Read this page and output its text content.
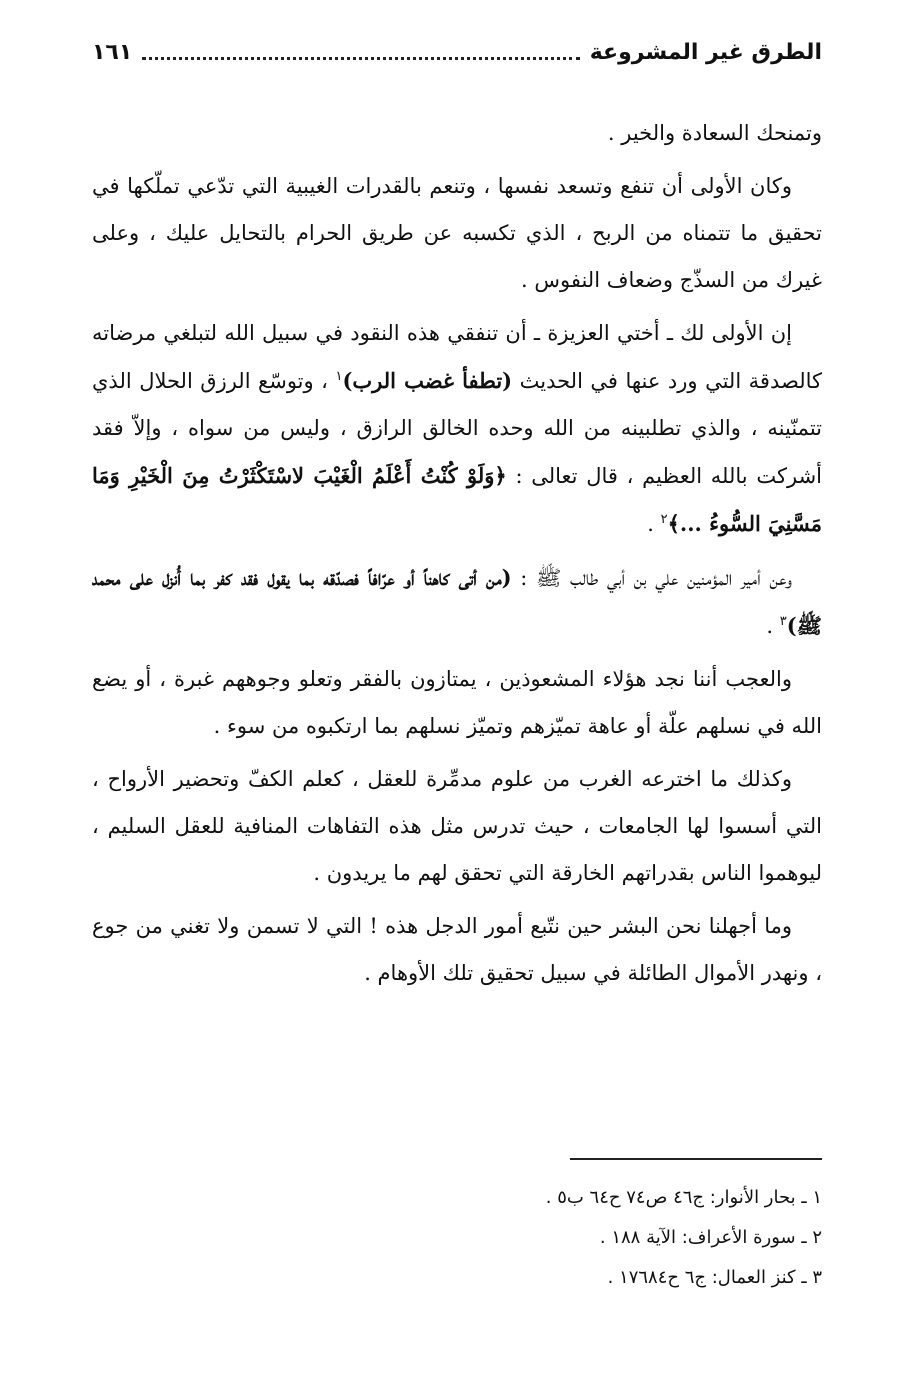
الطرق غير المشروعة
١٦١

وتمنحك السعادة والخير .

وكان الأولى أن تنفع وتسعد نفسها ، وتنعم بالقدرات الغيبية التي تدّعي تملّكها في تحقيق ما تتمناه من الربح ، الذي تكسبه عن طريق الحرام بالتحايل عليك ، وعلى غيرك من السذّج وضعاف النفوس .

إن الأولى لك ـ أختي العزيزة ـ أن تنفقي هذه النقود في سبيل الله لتبلغي مرضاته كالصدقة التي ورد عنها في الحديث (تطفأ غضب الرب)$^١$ ، وتوسّع الرزق الحلال الذي تتمنّينه ، والذي تطلبينه من الله وحده الخالق الرازق ، وليس من سواه ، وإلاّ فقد أشركت بالله العظيم ، قال تعالى : ﴿وَلَوْ كُنْتُ أَعْلَمُ الْغَيْبَ لاسْتَكْثَرْتُ مِنَ الْخَيْرِ وَمَا مَسَّنِيَ السُّوءُ ...﴾$^٢$ .

وعن أمير المؤمنين علي بن أبي طالب ﷺ : (من أتى كاهناً أو عرّافاً فصدّقه بما يقول فقد كفر بما أُنزل على محمد ﷺ)$^٣$ .

والعجب أننا نجد هؤلاء المشعوذين ، يمتازون بالفقر وتعلو وجوههم غبرة ، أو يضع الله في نسلهم علّة أو عاهة تميّزهم وتميّز نسلهم بما ارتكبوه من سوء .

وكذلك ما اخترعه الغرب من علوم مدمِّرة للعقل ، كعلم الكفّ وتحضير الأرواح ، التي أسسوا لها الجامعات ، حيث تدرس مثل هذه التفاهات المنافية للعقل السليم ، ليوهموا الناس بقدراتهم الخارقة التي تحقق لهم ما يريدون .

وما أجهلنا نحن البشر حين نتّبع أمور الدجل هذه ! التي لا تسمن ولا تغني من جوع ، ونهدر الأموال الطائلة في سبيل تحقيق تلك الأوهام .

١ ـ بحار الأنوار: ج٤٦ ص٧٤ ح٦٤ ب٥ .
٢ ـ سورة الأعراف: الآية ١٨٨ .
٣ ـ كنز العمال: ج٦ ح١٧٦٨٤ .
